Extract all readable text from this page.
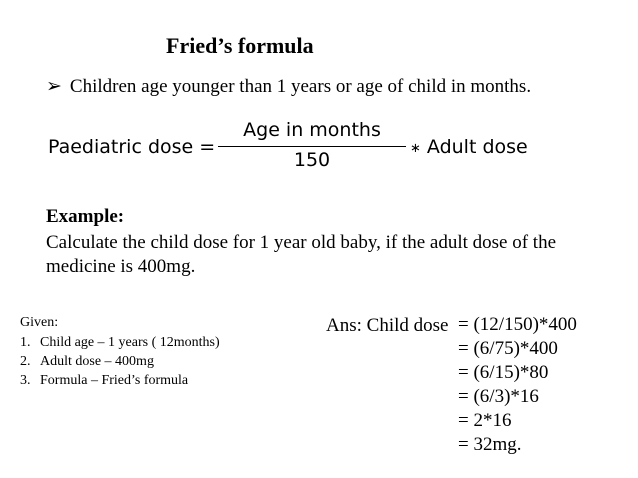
Fried’s formula
➢ Children age younger than 1 years or age of child in months.
Paediatric dose =
Age in months
150
∗ Adult dose
Example:
Calculate the child dose for 1 year old baby, if the adult dose of the medicine is 400mg.
Given:
1. Child age – 1 years ( 12months)
2. Adult dose – 400mg
3. Formula – Fried’s formula
Ans: Child dose = (12/150)*400
= (6/75)*400
= (6/15)*80
= (6/3)*16
= 2*16
= 32mg.
